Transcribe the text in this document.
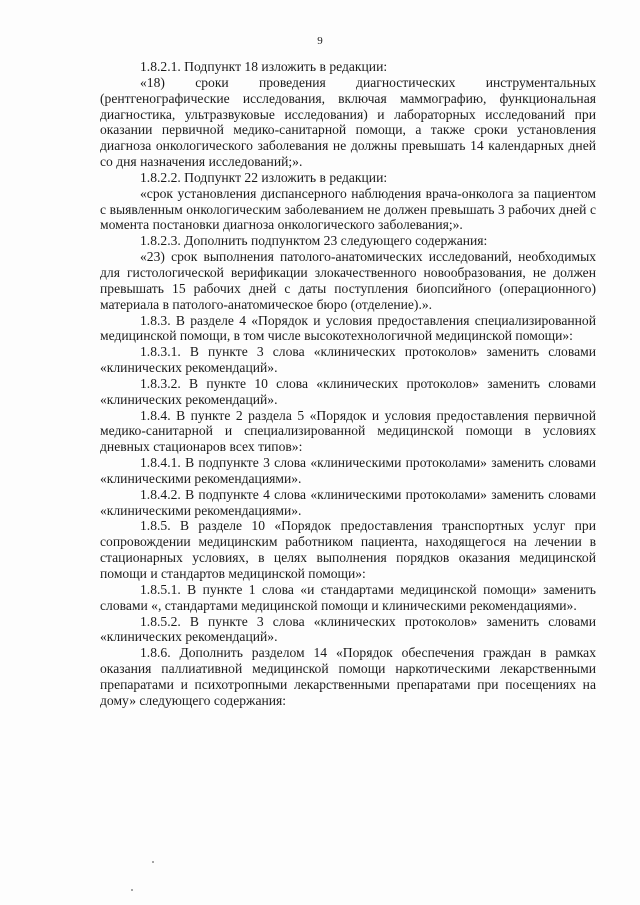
9

1.8.2.1. Подпункт 18 изложить в редакции:

«18) сроки проведения диагностических инструментальных (рентгенографические исследования, включая маммографию, функциональная диагностика, ультразвуковые исследования) и лабораторных исследований при оказании первичной медико-санитарной помощи, а также сроки установления диагноза онкологического заболевания не должны превышать 14 календарных дней со дня назначения исследований;».

1.8.2.2. Подпункт 22 изложить в редакции:

«срок установления диспансерного наблюдения врача-онколога за пациентом с выявленным онкологическим заболеванием не должен превышать 3 рабочих дней с момента постановки диагноза онкологического заболевания;».

1.8.2.3. Дополнить подпунктом 23 следующего содержания:

«23) срок выполнения патолого-анатомических исследований, необходимых для гистологической верификации злокачественного новообразования, не должен превышать 15 рабочих дней с даты поступления биопсийного (операционного) материала в патолого-анатомическое бюро (отделение).».

1.8.3. В разделе 4 «Порядок и условия предоставления специализированной медицинской помощи, в том числе высокотехнологичной медицинской помощи»:

1.8.3.1. В пункте 3 слова «клинических протоколов» заменить словами «клинических рекомендаций».

1.8.3.2. В пункте 10 слова «клинических протоколов» заменить словами «клинических рекомендаций».

1.8.4. В пункте 2 раздела 5 «Порядок и условия предоставления первичной медико-санитарной и специализированной медицинской помощи в условиях дневных стационаров всех типов»:

1.8.4.1. В подпункте 3 слова «клиническими протоколами» заменить словами «клиническими рекомендациями».

1.8.4.2. В подпункте 4 слова «клиническими протоколами» заменить словами «клиническими рекомендациями».

1.8.5. В разделе 10 «Порядок предоставления транспортных услуг при сопровождении медицинским работником пациента, находящегося на лечении в стационарных условиях, в целях выполнения порядков оказания медицинской помощи и стандартов медицинской помощи»:

1.8.5.1. В пункте 1 слова «и стандартами медицинской помощи» заменить словами «, стандартами медицинской помощи и клиническими рекомендациями».

1.8.5.2. В пункте 3 слова «клинических протоколов» заменить словами «клинических рекомендаций».

1.8.6. Дополнить разделом 14 «Порядок обеспечения граждан в рамках оказания паллиативной медицинской помощи наркотическими лекарственными препаратами и психотропными лекарственными препаратами при посещениях на дому» следующего содержания:
